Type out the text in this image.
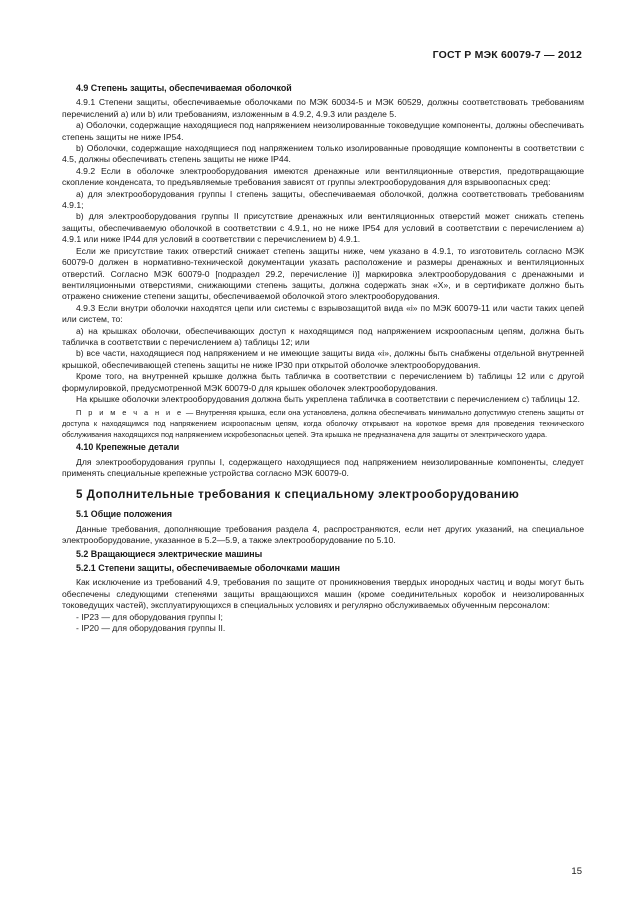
ГОСТ Р МЭК 60079-7 — 2012
4.9 Степень защиты, обеспечиваемая оболочкой

4.9.1 Степени защиты, обеспечиваемые оболочками по МЭК 60034-5 и МЭК 60529, должны соответствовать требованиям перечислений a) или b) или требованиям, изложенным в 4.9.2, 4.9.3 или разделе 5.

a) Оболочки, содержащие находящиеся под напряжением неизолированные токоведущие компоненты, должны обеспечивать степень защиты не ниже IP54.

b) Оболочки, содержащие находящиеся под напряжением только изолированные проводящие компоненты в соответствии с 4.5, должны обеспечивать степень защиты не ниже IP44.

4.9.2 Если в оболочке электрооборудования имеются дренажные или вентиляционные отверстия, предотвращающие скопление конденсата, то предъявляемые требования зависят от группы электрооборудования для взрывоопасных сред:

a) для электрооборудования группы I степень защиты, обеспечиваемая оболочкой, должна соответствовать требованиям 4.9.1;

b) для электрооборудования группы II присутствие дренажных или вентиляционных отверстий может снижать степень защиты, обеспечиваемую оболочкой в соответствии с 4.9.1, но не ниже IP54 для условий в соответствии с перечислением a) 4.9.1 или ниже IP44 для условий в соответствии с перечислением b) 4.9.1.

Если же присутствие таких отверстий снижает степень защиты ниже, чем указано в 4.9.1, то изготовитель согласно МЭК 60079-0 должен в нормативно-технической документации указать расположение и размеры дренажных и вентиляционных отверстий. Согласно МЭК 60079-0 [подраздел 29.2, перечисление i)] маркировка электрооборудования с дренажными и вентиляционными отверстиями, снижающими степень защиты, должна содержать знак «X», и в сертификате должно быть отражено снижение степени защиты, обеспечиваемой оболочкой этого электрооборудования.

4.9.3 Если внутри оболочки находятся цепи или системы с взрывозащитой вида «i» по МЭК 60079-11 или части таких цепей или систем, то:

a) на крышках оболочки, обеспечивающих доступ к находящимся под напряжением искроопасным цепям, должна быть табличка в соответствии с перечислением a) таблицы 12; или

b) все части, находящиеся под напряжением и не имеющие защиты вида «i», должны быть снабжены отдельной внутренней крышкой, обеспечивающей степень защиты не ниже IP30 при открытой оболочке электрооборудования.

Кроме того, на внутренней крышке должна быть табличка в соответствии с перечислением b) таблицы 12 или с другой формулировкой, предусмотренной МЭК 60079-0 для крышек оболочек электрооборудования.

На крышке оболочки электрооборудования должна быть укреплена табличка в соответствии с перечислением c) таблицы 12.

П р и м е ч а н и е — Внутренняя крышка, если она установлена, должна обеспечивать минимально допустимую степень защиты от доступа к находящимся под напряжением искроопасным цепям, когда оболочку открывают на короткое время для проведения технического обслуживания находящихся под напряжением искробезопасных цепей. Эта крышка не предназначена для защиты от электрического удара.

4.10 Крепежные детали

Для электрооборудования группы I, содержащего находящиеся под напряжением неизолированные компоненты, следует применять специальные крепежные устройства согласно МЭК 60079-0.

5 Дополнительные требования к специальному электрооборудованию
5.1 Общие положения

Данные требования, дополняющие требования раздела 4, распространяются, если нет других указаний, на специальное электрооборудование, указанное в 5.2—5.9, а также электрооборудование по 5.10.

5.2 Вращающиеся электрические машины
5.2.1 Степени защиты, обеспечиваемые оболочками машин

Как исключение из требований 4.9, требования по защите от проникновения твердых инородных частиц и воды могут быть обеспечены следующими степенями защиты вращающихся машин (кроме соединительных коробок и неизолированных токоведущих частей), эксплуатирующихся в специальных условиях и регулярно обслуживаемых обученным персоналом:

- IP23 — для оборудования группы I;

- IP20 — для оборудования группы II.

15
